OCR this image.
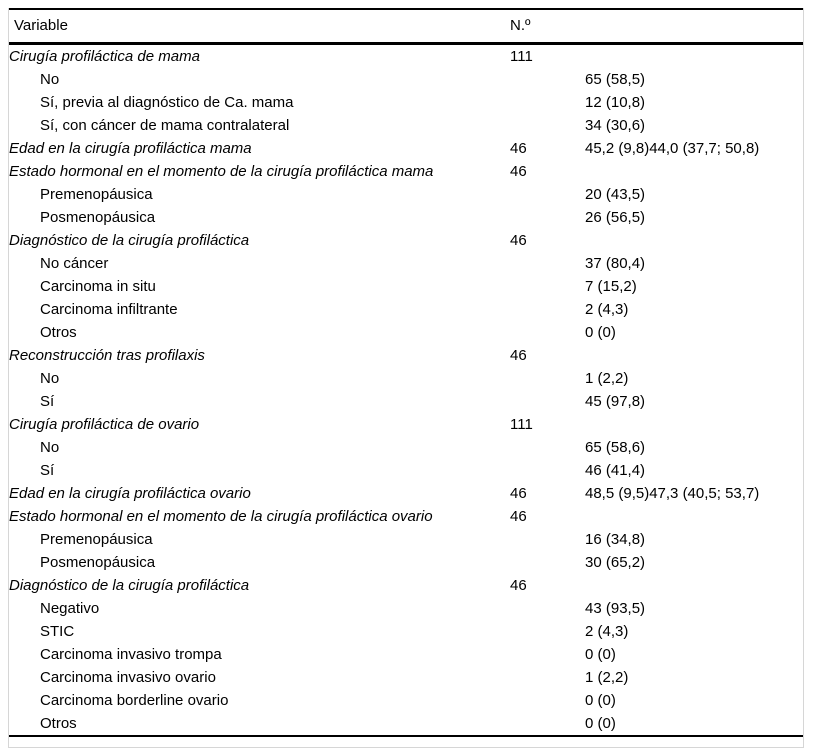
Variable	N.º	
Cirugía profiláctica de mama	111	
No		65 (58,5)
Sí, previa al diagnóstico de Ca. mama		12 (10,8)
Sí, con cáncer de mama contralateral		34 (30,6)
Edad en la cirugía profiláctica mama	46	45,2 (9,8)44,0 (37,7; 50,8)
Estado hormonal en el momento de la cirugía profiláctica mama	46	
Premenopáusica		20 (43,5)
Posmenopáusica		26 (56,5)
Diagnóstico de la cirugía profiláctica	46	
No cáncer		37 (80,4)
Carcinoma in situ		7 (15,2)
Carcinoma infiltrante		2 (4,3)
Otros		0 (0)
Reconstrucción tras profilaxis	46	
No		1 (2,2)
Sí		45 (97,8)
Cirugía profiláctica de ovario	111	
No		65 (58,6)
Sí		46 (41,4)
Edad en la cirugía profiláctica ovario	46	48,5 (9,5)47,3 (40,5; 53,7)
Estado hormonal en el momento de la cirugía profiláctica ovario	46	
Premenopáusica		16 (34,8)
Posmenopáusica		30 (65,2)
Diagnóstico de la cirugía profiláctica	46	
Negativo		43 (93,5)
STIC		2 (4,3)
Carcinoma invasivo trompa		0 (0)
Carcinoma invasivo ovario		1 (2,2)
Carcinoma borderline ovario		0 (0)
Otros		0 (0)
